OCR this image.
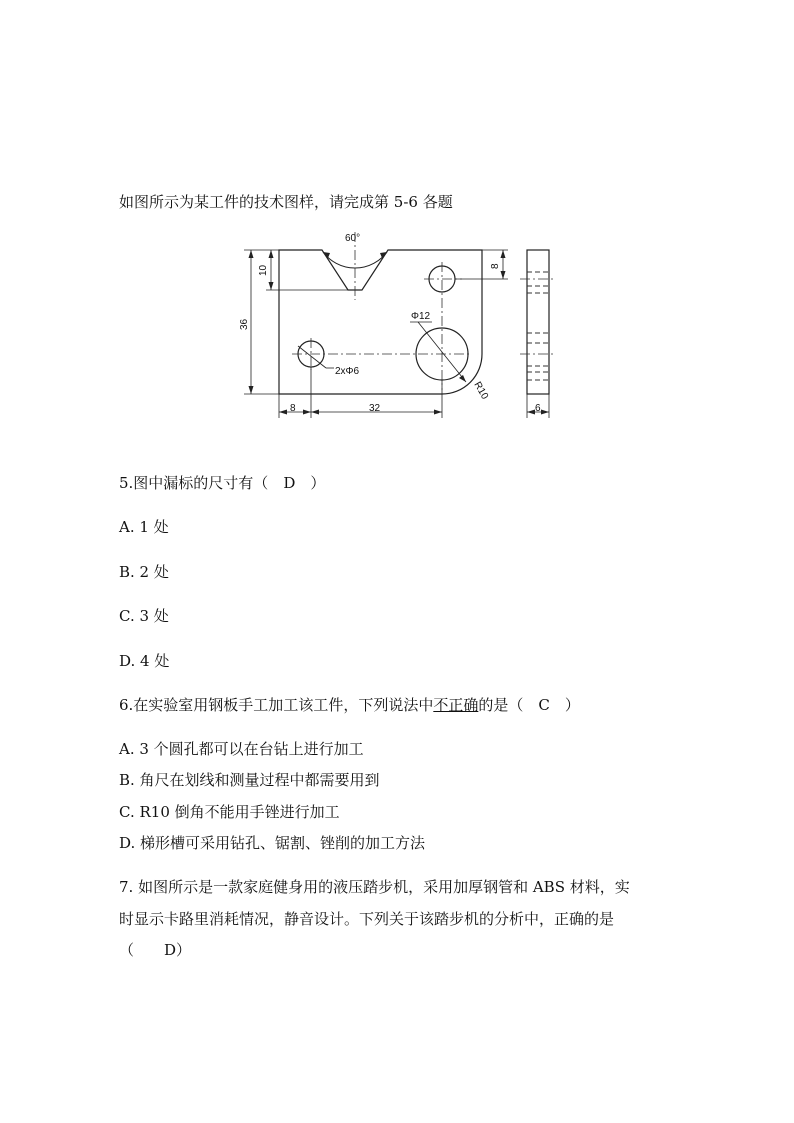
如图所示为某工件的技术图样，请完成第 5-6 各题
60°
10	8
36
Φ12
2xΦ6
R10
8	32	6
5.图中漏标的尺寸有（　D　）
A. 1 处
B. 2 处
C. 3 处
D. 4 处
6.在实验室用钢板手工加工该工件，下列说法中不正确的是（　C　）
A. 3 个圆孔都可以在台钻上进行加工
B. 角尺在划线和测量过程中都需要用到
C. R10 倒角不能用手锉进行加工
D. 梯形槽可采用钻孔、锯割、锉削的加工方法
7. 如图所示是一款家庭健身用的液压踏步机，采用加厚钢管和 ABS 材料，实
时显示卡路里消耗情况，静音设计。下列关于该踏步机的分析中，正确的是
（　　D）
